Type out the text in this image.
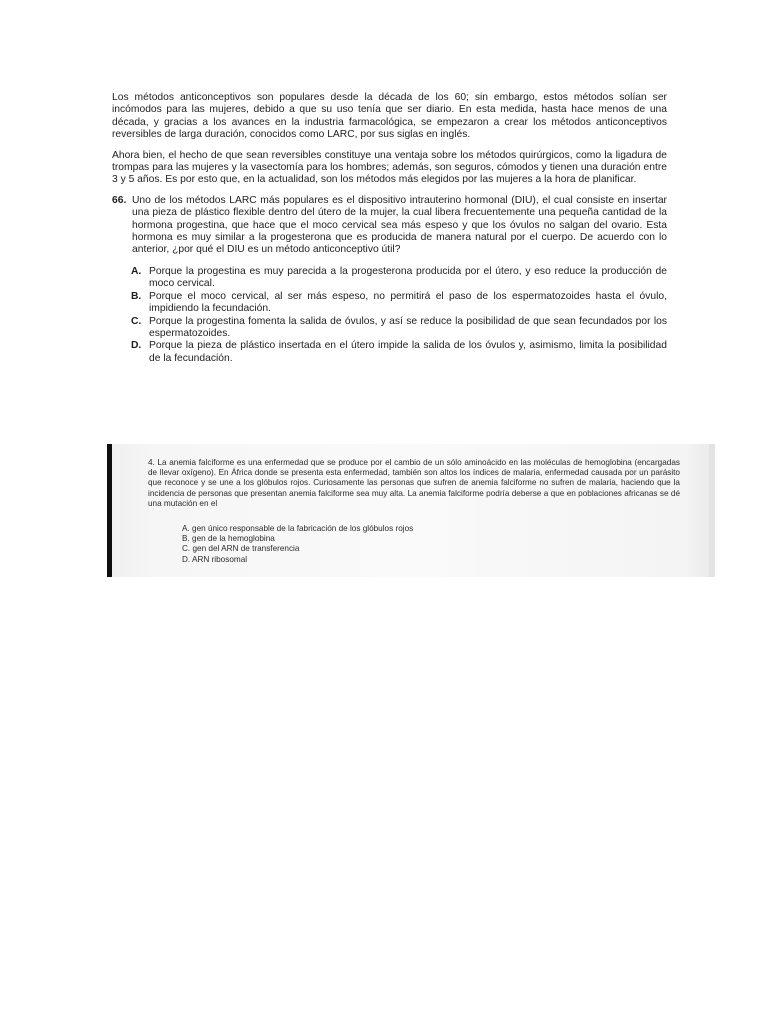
Los métodos anticonceptivos son populares desde la década de los 60; sin embargo, estos métodos solían ser incómodos para las mujeres, debido a que su uso tenía que ser diario. En esta medida, hasta hace menos de una década, y gracias a los avances en la industria farmacológica, se empezaron a crear los métodos anticonceptivos reversibles de larga duración, conocidos como LARC, por sus siglas en inglés.

Ahora bien, el hecho de que sean reversibles constituye una ventaja sobre los métodos quirúrgicos, como la ligadura de trompas para las mujeres y la vasectomía para los hombres; además, son seguros, cómodos y tienen una duración entre 3 y 5 años. Es por esto que, en la actualidad, son los métodos más elegidos por las mujeres a la hora de planificar.

66. Uno de los métodos LARC más populares es el dispositivo intrauterino hormonal (DIU), el cual consiste en insertar una pieza de plástico flexible dentro del útero de la mujer, la cual libera frecuentemente una pequeña cantidad de la hormona progestina, que hace que el moco cervical sea más espeso y que los óvulos no salgan del ovario. Esta hormona es muy similar a la progesterona que es producida de manera natural por el cuerpo. De acuerdo con lo anterior, ¿por qué el DIU es un método anticonceptivo útil?
A. Porque la progestina es muy parecida a la progesterona producida por el útero, y eso reduce la producción de moco cervical.
B. Porque el moco cervical, al ser más espeso, no permitirá el paso de los espermatozoides hasta el óvulo, impidiendo la fecundación.
C. Porque la progestina fomenta la salida de óvulos, y así se reduce la posibilidad de que sean fecundados por los espermatozoides.
D. Porque la pieza de plástico insertada en el útero impide la salida de los óvulos y, asimismo, limita la posibilidad de la fecundación.

4. La anemia falciforme es una enfermedad que se produce por el cambio de un sólo aminoácido en las moléculas de hemoglobina (encargadas de llevar oxígeno). En África donde se presenta esta enfermedad, también son altos los índices de malaria, enfermedad causada por un parásito que reconoce y se une a los glóbulos rojos. Curiosamente las personas que sufren de anemia falciforme no sufren de malaria, haciendo que la incidencia de personas que presentan anemia falciforme sea muy alta. La anemia falciforme podría deberse a que en poblaciones africanas se dé una mutación en el

A. gen único responsable de la fabricación de los glóbulos rojos
B. gen de la hemoglobina
C. gen del ARN de transferencia
D. ARN ribosomal
